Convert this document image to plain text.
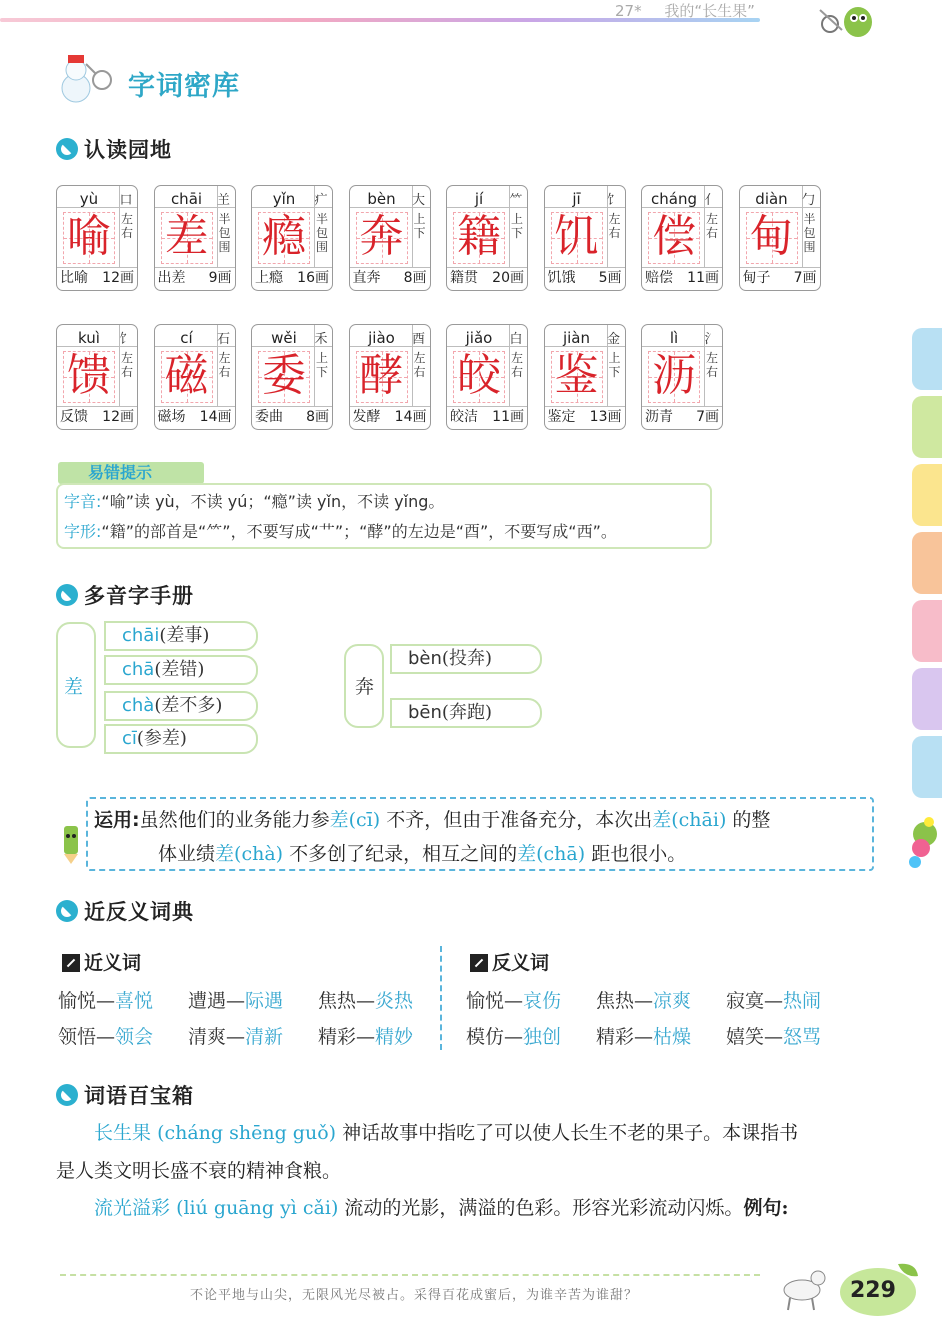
27* 我的“长生果”
字词密库
认读园地
yù	口
喻 左
右
比喻 12画
chāi	𦍌
差 半
包
围
出差 9画
yǐn	疒
瘾 半
包
围
上瘾 16画
bèn	大
奔 上
下
直奔 8画
jí	⺮
籍 上
下
籍贯 20画
jī	饣
饥 左
右
饥饿 5画
cháng 亻
偿 左
右
赔偿 11画
diàn	勹
甸 半
包
围
甸子 7画
kuì	饣
馈 左
右
反馈 12画
cí	石
磁 左
右
磁场 14画
wěi	禾
委 上
下
委曲 8画
jiào	酉
酵 左
右
发酵 14画
jiǎo	白
皎 左
右
皎洁 11画
jiàn	金
鉴 上
下
鉴定 13画
lì	氵
沥 左
右
沥青 7画
易错提示
字音:“喻”读 yù，不读 yú；“瘾”读 yǐn，不读 yǐng。
字形:“籍”的部首是“⺮”，不要写成“艹”；“酵”的左边是“酉”，不要写成“西”。
多音字手册
差
chāi(差事)
chā(差错)
chà(差不多)
cī(参差)
奔
bèn(投奔)
bēn(奔跑)

运用:虽然他们的业务能力参差(cī) 不齐，但由于准备充分，本次出差(chāi) 的整

体业绩差(chà) 不多创了纪录，相互之间的差(chā) 距也很小。

近反义词典
近义词	反义词
愉悦—喜悦	愉悦—哀伤
遭遇—际遇	焦热—凉爽
焦热—炎热	寂寞—热闹
领悟—领会	模仿—独创
清爽—清新	精彩—枯燥
精彩—精妙	嬉笑—怒骂
词语百宝箱
长生果 (cháng shēng guǒ) 神话故事中指吃了可以使人长生不老的果子。本课指书
是人类文明长盛不衰的精神食粮。
流光溢彩 (liú guāng yì cǎi) 流动的光影，满溢的色彩。形容光彩流动闪烁。例句:
不论平地与山尖，无限风光尽被占。采得百花成蜜后，为谁辛苦为谁甜？	229
